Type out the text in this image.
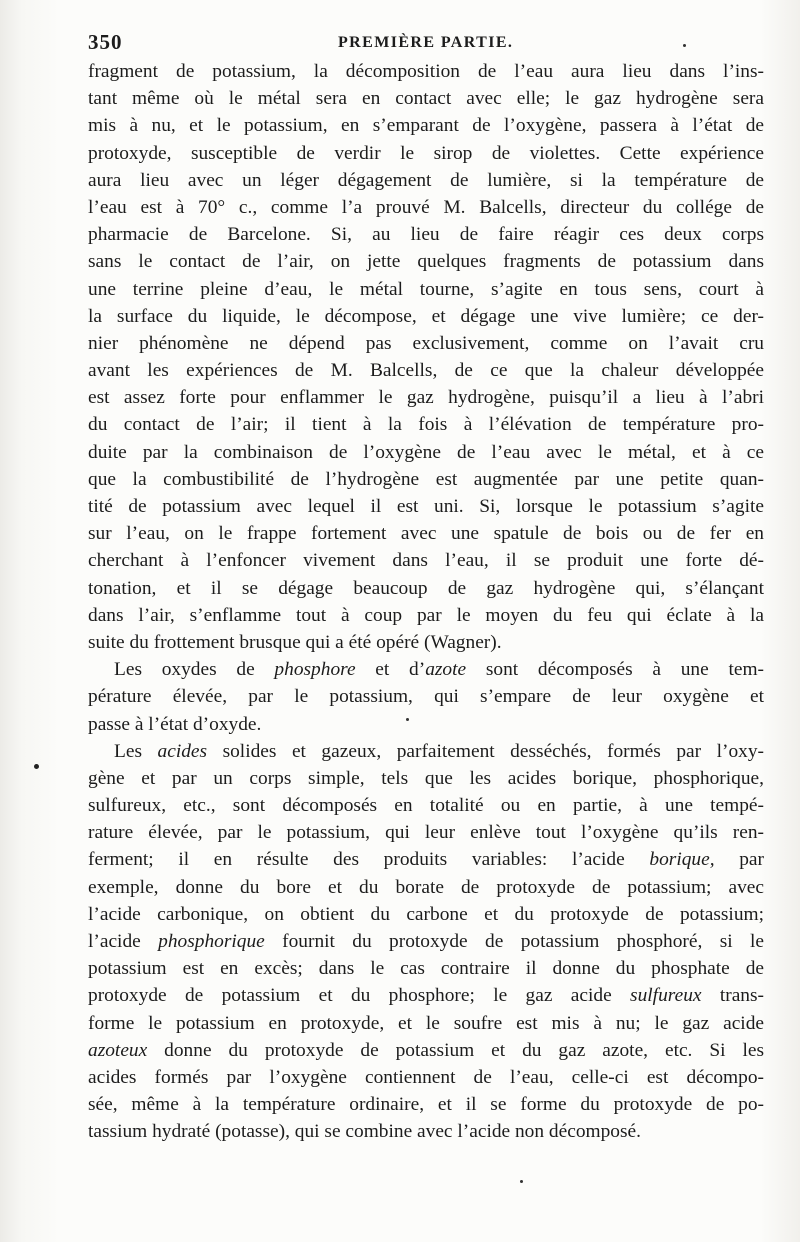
350	PREMIÈRE PARTIE.
fragment de potassium, la décomposition de l’eau aura lieu dans l’ins-
tant même où le métal sera en contact avec elle; le gaz hydrogène sera
mis à nu, et le potassium, en s’emparant de l’oxygène, passera à l’état de
protoxyde, susceptible de verdir le sirop de violettes. Cette expérience
aura lieu avec un léger dégagement de lumière, si la température de
l’eau est à 70° c., comme l’a prouvé M. Balcells, directeur du collége de
pharmacie de Barcelone. Si, au lieu de faire réagir ces deux corps
sans le contact de l’air, on jette quelques fragments de potassium dans
une terrine pleine d’eau, le métal tourne, s’agite en tous sens, court à
la surface du liquide, le décompose, et dégage une vive lumière; ce der-
nier phénomène ne dépend pas exclusivement, comme on l’avait cru
avant les expériences de M. Balcells, de ce que la chaleur développée
est assez forte pour enflammer le gaz hydrogène, puisqu’il a lieu à l’abri
du contact de l’air; il tient à la fois à l’élévation de température pro-
duite par la combinaison de l’oxygène de l’eau avec le métal, et à ce
que la combustibilité de l’hydrogène est augmentée par une petite quan-
tité de potassium avec lequel il est uni. Si, lorsque le potassium s’agite
sur l’eau, on le frappe fortement avec une spatule de bois ou de fer en
cherchant à l’enfoncer vivement dans l’eau, il se produit une forte dé-
tonation, et il se dégage beaucoup de gaz hydrogène qui, s’élançant
dans l’air, s’enflamme tout à coup par le moyen du feu qui éclate à la
suite du frottement brusque qui a été opéré (Wagner).
Les oxydes de phosphore et d’azote sont décomposés à une tem-
pérature élevée, par le potassium, qui s’empare de leur oxygène et
passe à l’état d’oxyde.
Les acides solides et gazeux, parfaitement desséchés, formés par l’oxy-
gène et par un corps simple, tels que les acides borique, phosphorique,
sulfureux, etc., sont décomposés en totalité ou en partie, à une tempé-
rature élevée, par le potassium, qui leur enlève tout l’oxygène qu’ils ren-
ferment; il en résulte des produits variables: l’acide borique, par
exemple, donne du bore et du borate de protoxyde de potassium; avec
l’acide carbonique, on obtient du carbone et du protoxyde de potassium;
l’acide phosphorique fournit du protoxyde de potassium phosphoré, si le
potassium est en excès; dans le cas contraire il donne du phosphate de
protoxyde de potassium et du phosphore; le gaz acide sulfureux trans-
forme le potassium en protoxyde, et le soufre est mis à nu; le gaz acide
azoteux donne du protoxyde de potassium et du gaz azote, etc. Si les
acides formés par l’oxygène contiennent de l’eau, celle-ci est décompo-
sée, même à la température ordinaire, et il se forme du protoxyde de po-
tassium hydraté (potasse), qui se combine avec l’acide non décomposé.
